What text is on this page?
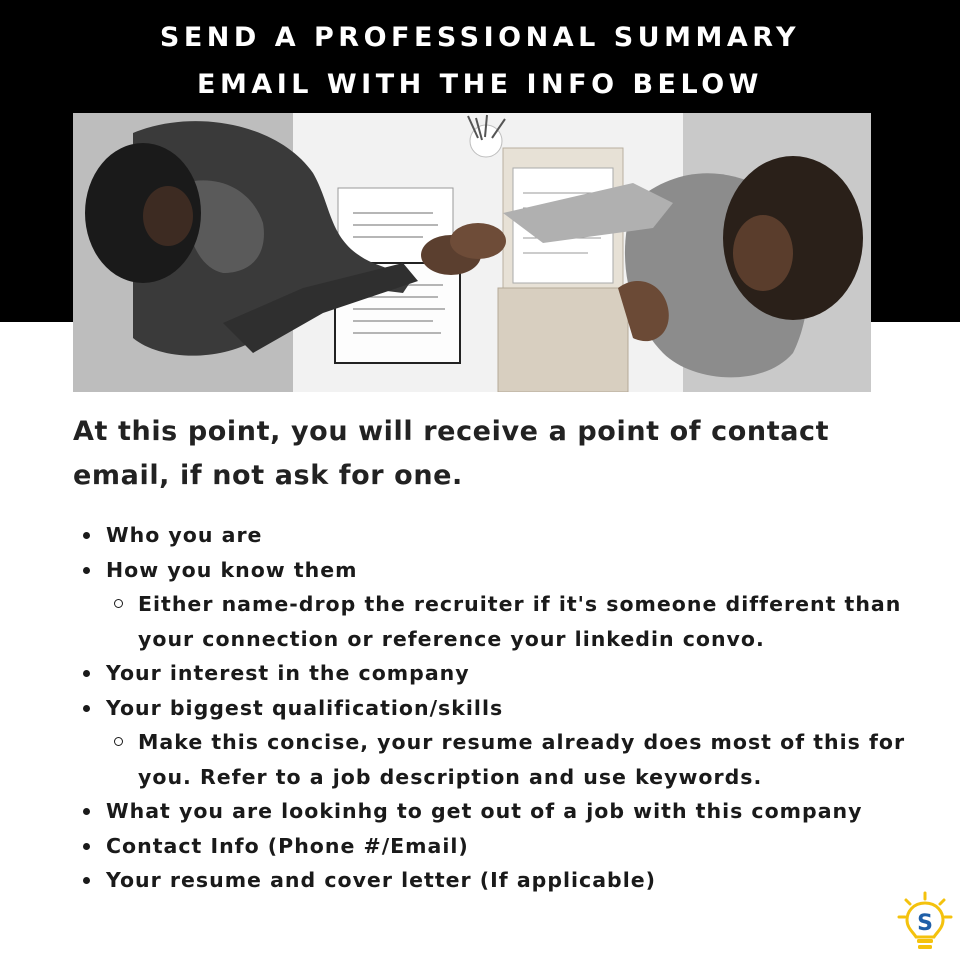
SEND A PROFESSIONAL SUMMARY
EMAIL WITH THE INFO BELOW
At this point, you will receive a point of contact
email, if not ask for one.
Who you are
How you know them
Either name-drop the recruiter if it's someone different than your connection or reference your linkedin convo.
Your interest in the company
Your biggest qualification/skills
Make this concise, your resume already does most of this for you. Refer to a job description and use keywords.
What you are lookinhg to get out of a job with this company
Contact Info (Phone #/Email)
Your resume and cover letter (If applicable)
S
